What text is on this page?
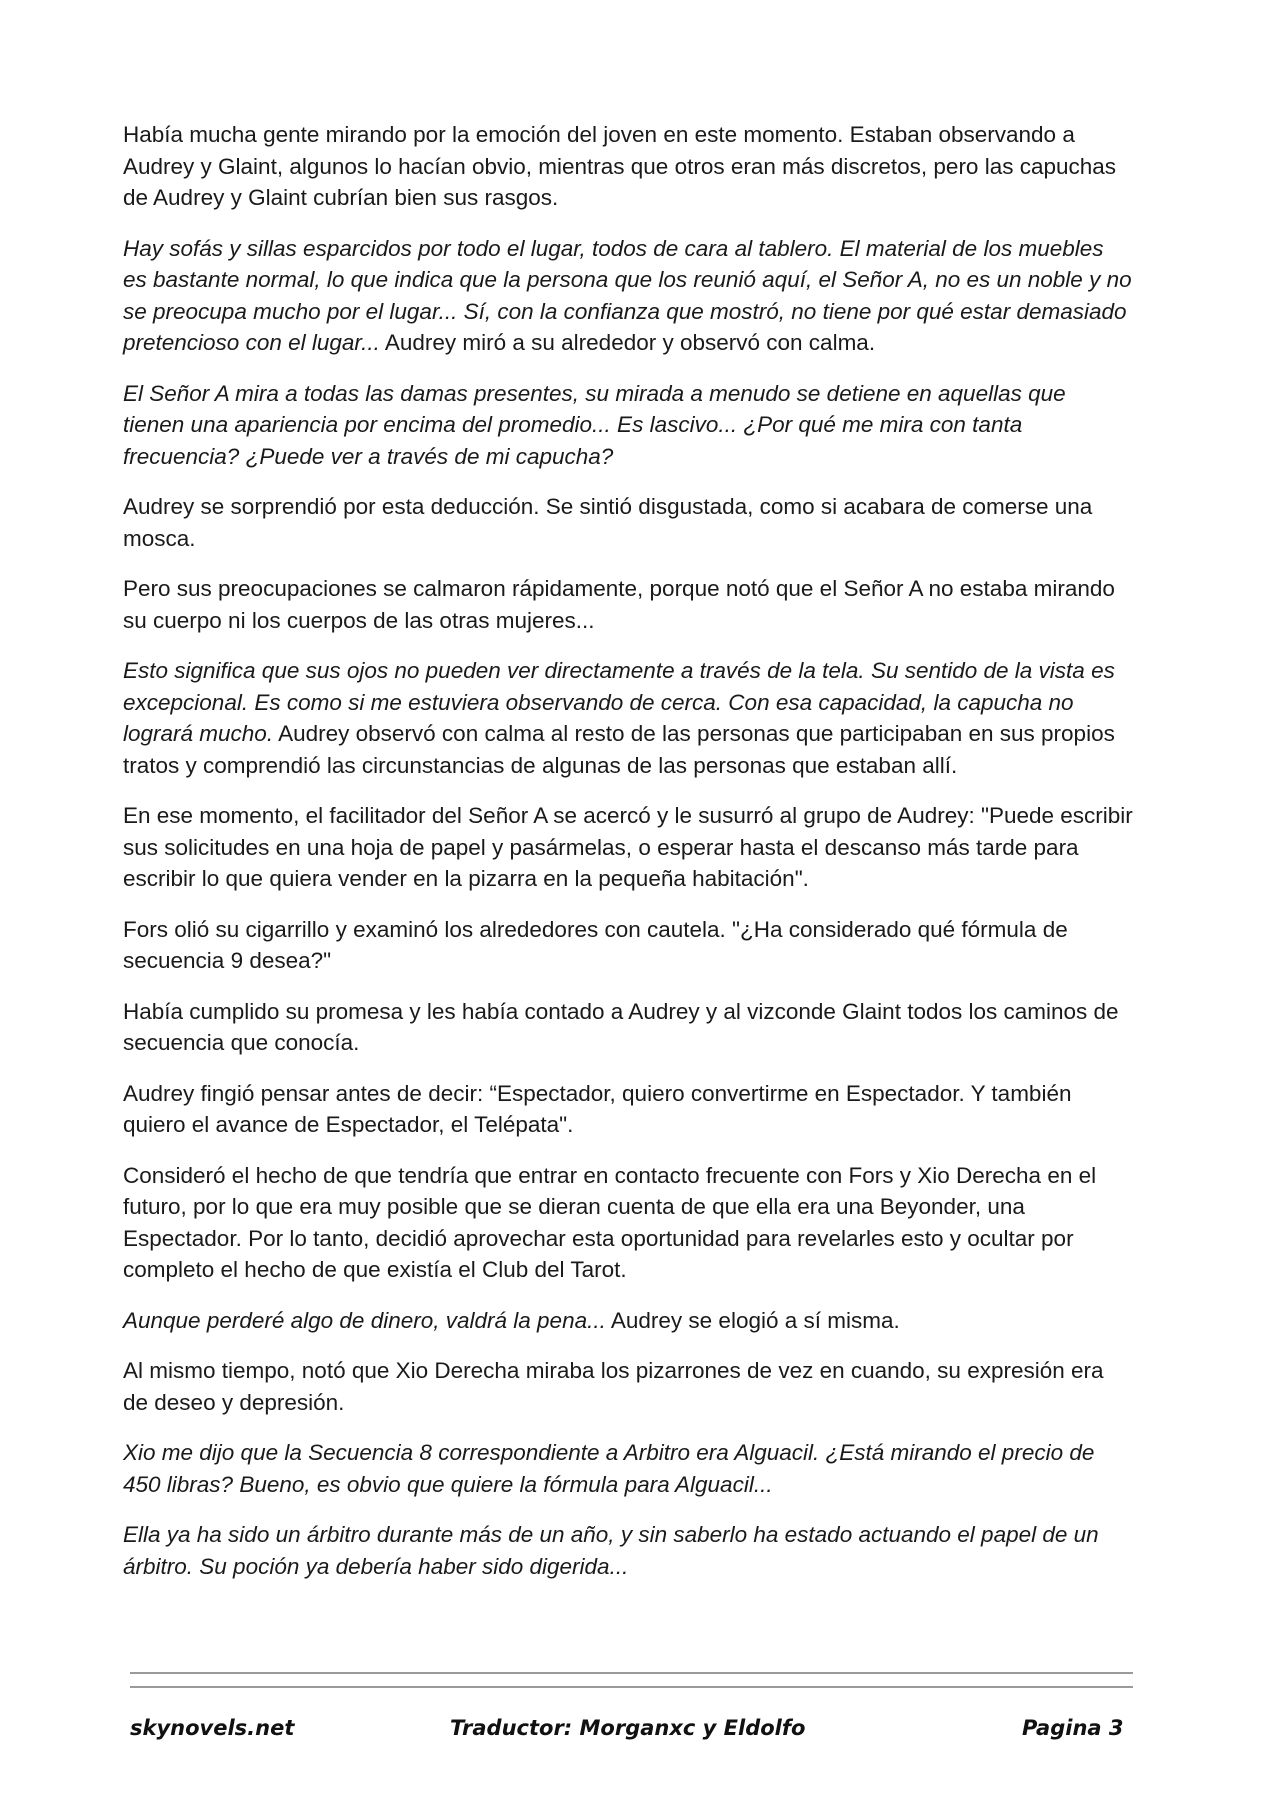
Había mucha gente mirando por la emoción del joven en este momento. Estaban observando a Audrey y Glaint, algunos lo hacían obvio, mientras que otros eran más discretos, pero las capuchas de Audrey y Glaint cubrían bien sus rasgos.

Hay sofás y sillas esparcidos por todo el lugar, todos de cara al tablero. El material de los muebles es bastante normal, lo que indica que la persona que los reunió aquí, el Señor A, no es un noble y no se preocupa mucho por el lugar... Sí, con la confianza que mostró, no tiene por qué estar demasiado pretencioso con el lugar... Audrey miró a su alrededor y observó con calma.

El Señor A mira a todas las damas presentes, su mirada a menudo se detiene en aquellas que tienen una apariencia por encima del promedio... Es lascivo... ¿Por qué me mira con tanta frecuencia? ¿Puede ver a través de mi capucha?

Audrey se sorprendió por esta deducción. Se sintió disgustada, como si acabara de comerse una mosca.

Pero sus preocupaciones se calmaron rápidamente, porque notó que el Señor A no estaba mirando su cuerpo ni los cuerpos de las otras mujeres...

Esto significa que sus ojos no pueden ver directamente a través de la tela. Su sentido de la vista es excepcional. Es como si me estuviera observando de cerca. Con esa capacidad, la capucha no logrará mucho. Audrey observó con calma al resto de las personas que participaban en sus propios tratos y comprendió las circunstancias de algunas de las personas que estaban allí.

En ese momento, el facilitador del Señor A se acercó y le susurró al grupo de Audrey: "Puede escribir sus solicitudes en una hoja de papel y pasármelas, o esperar hasta el descanso más tarde para escribir lo que quiera vender en la pizarra en la pequeña habitación".

Fors olió su cigarrillo y examinó los alrededores con cautela. "¿Ha considerado qué fórmula de secuencia 9 desea?"

Había cumplido su promesa y les había contado a Audrey y al vizconde Glaint todos los caminos de secuencia que conocía.

Audrey fingió pensar antes de decir: “Espectador, quiero convertirme en Espectador. Y también quiero el avance de Espectador, el Telépata".

Consideró el hecho de que tendría que entrar en contacto frecuente con Fors y Xio Derecha en el futuro, por lo que era muy posible que se dieran cuenta de que ella era una Beyonder, una Espectador. Por lo tanto, decidió aprovechar esta oportunidad para revelarles esto y ocultar por completo el hecho de que existía el Club del Tarot.

Aunque perderé algo de dinero, valdrá la pena... Audrey se elogió a sí misma.

Al mismo tiempo, notó que Xio Derecha miraba los pizarrones de vez en cuando, su expresión era de deseo y depresión.

Xio me dijo que la Secuencia 8 correspondiente a Arbitro era Alguacil. ¿Está mirando el precio de 450 libras? Bueno, es obvio que quiere la fórmula para Alguacil...

Ella ya ha sido un árbitro durante más de un año, y sin saberlo ha estado actuando el papel de un árbitro. Su poción ya debería haber sido digerida...

skynovels.net	Traductor: Morganxc y Eldolfo	Pagina 3
